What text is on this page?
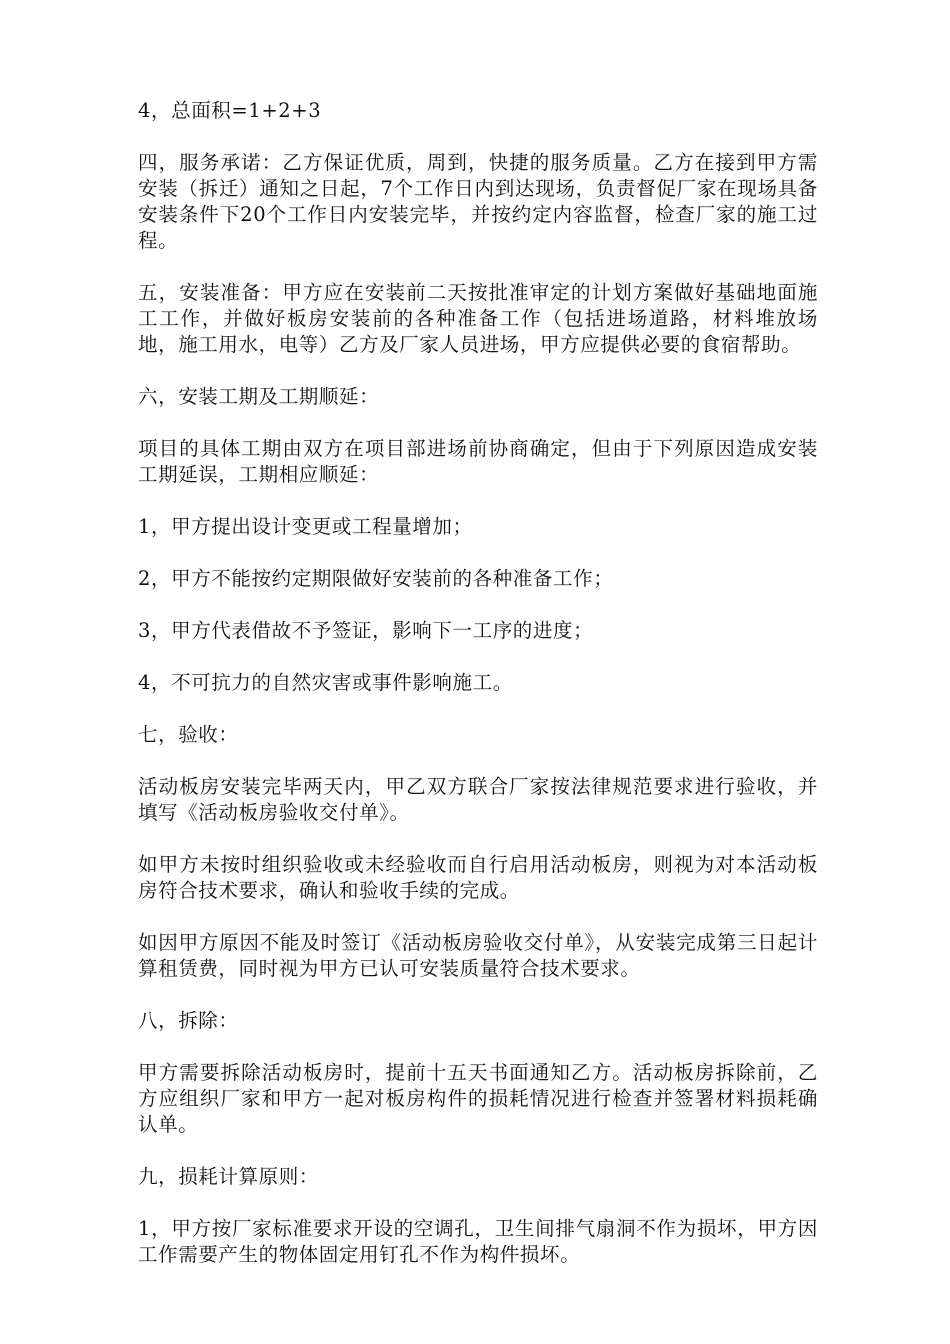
4，总面积=1+2+3

四，服务承诺：乙方保证优质，周到，快捷的服务质量。乙方在接到甲方需安装（拆迁）通知之日起，7个工作日内到达现场，负责督促厂家在现场具备安装条件下20个工作日内安装完毕，并按约定内容监督，检查厂家的施工过程。

五，安装准备：甲方应在安装前二天按批准审定的计划方案做好基础地面施工工作，并做好板房安装前的各种准备工作（包括进场道路，材料堆放场地，施工用水，电等）乙方及厂家人员进场，甲方应提供必要的食宿帮助。

六，安装工期及工期顺延：

项目的具体工期由双方在项目部进场前协商确定，但由于下列原因造成安装工期延误，工期相应顺延：

1，甲方提出设计变更或工程量增加；

2，甲方不能按约定期限做好安装前的各种准备工作；

3，甲方代表借故不予签证，影响下一工序的进度；

4，不可抗力的自然灾害或事件影响施工。

七，验收：

活动板房安装完毕两天内，甲乙双方联合厂家按法律规范要求进行验收，并填写《活动板房验收交付单》。

如甲方未按时组织验收或未经验收而自行启用活动板房，则视为对本活动板房符合技术要求，确认和验收手续的完成。

如因甲方原因不能及时签订《活动板房验收交付单》，从安装完成第三日起计算租赁费，同时视为甲方已认可安装质量符合技术要求。

八，拆除：

甲方需要拆除活动板房时，提前十五天书面通知乙方。活动板房拆除前，乙方应组织厂家和甲方一起对板房构件的损耗情况进行检查并签署材料损耗确认单。

九，损耗计算原则：

1，甲方按厂家标准要求开设的空调孔，卫生间排气扇洞不作为损坏，甲方因工作需要产生的物体固定用钉孔不作为构件损坏。
